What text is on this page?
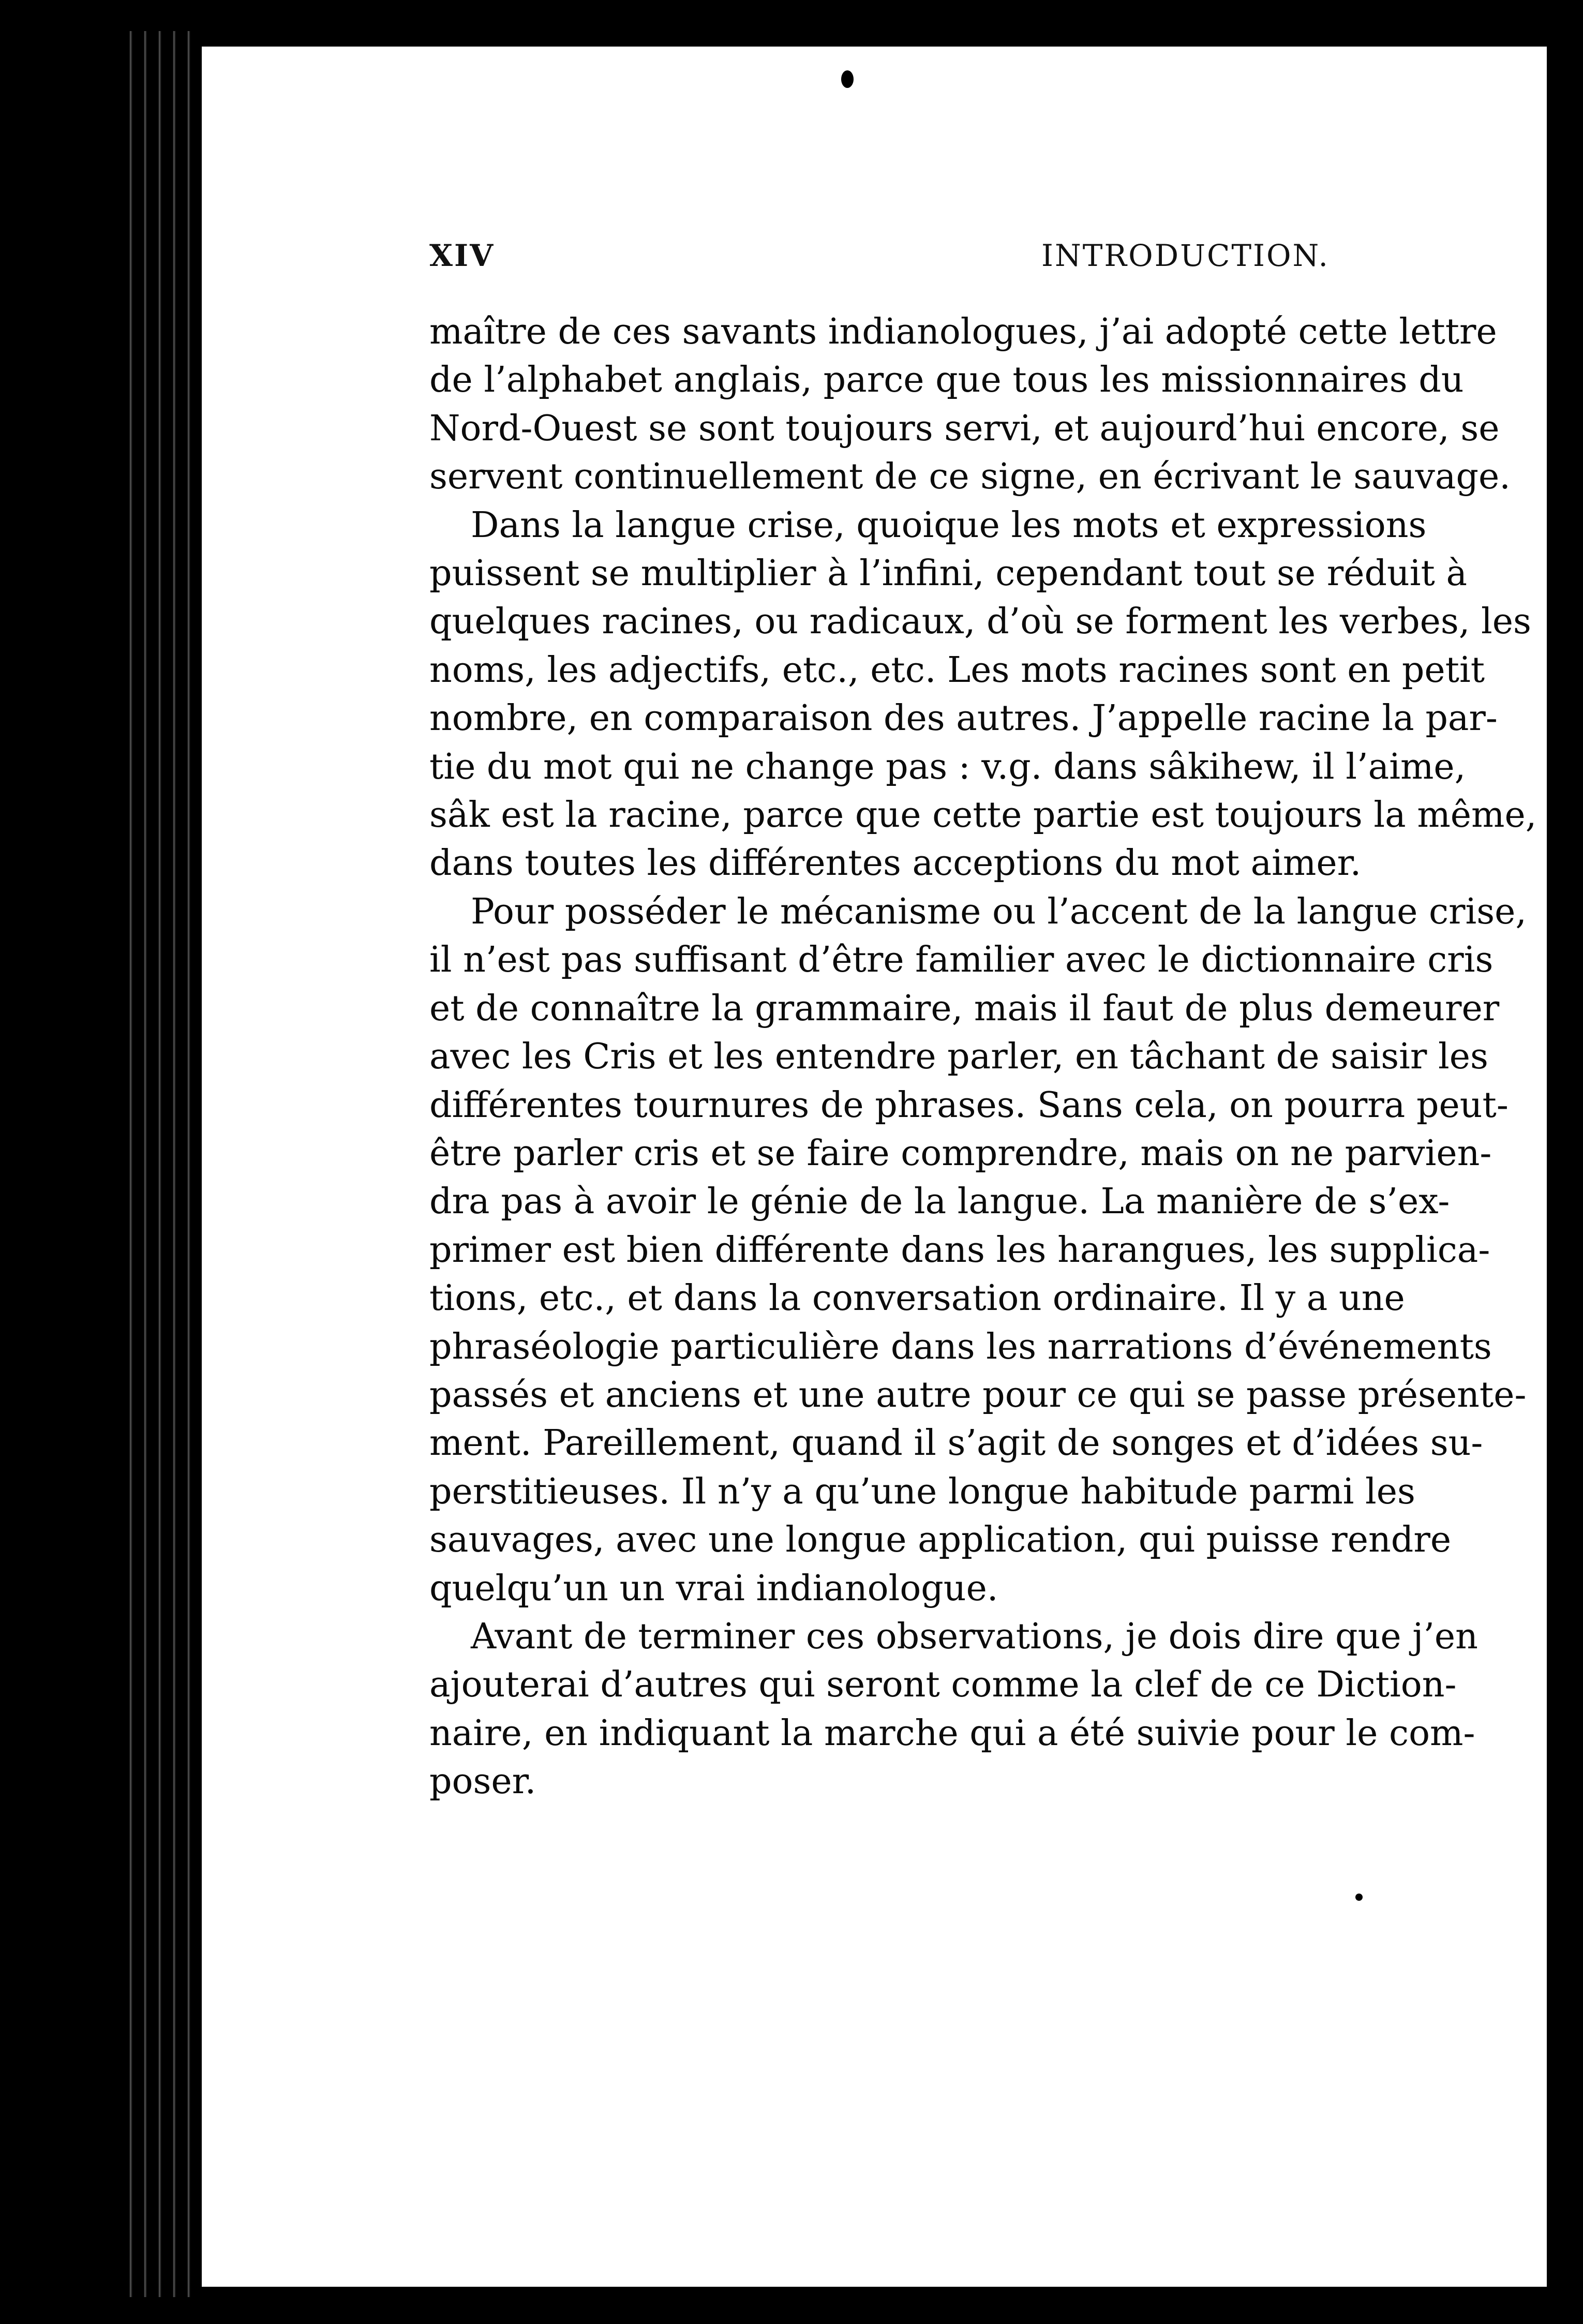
XIV	INTRODUCTION.

maître de ces savants indianologues, j’ai adopté cette lettre
de l’alphabet anglais, parce que tous les missionnaires du
Nord-Ouest se sont toujours servi, et aujourd’hui encore, se
servent continuellement de ce signe, en écrivant le sauvage.

Dans la langue crise, quoique les mots et expressions
puissent se multiplier à l’infini, cependant tout se réduit à
quelques racines, ou radicaux, d’où se forment les verbes, les
noms, les adjectifs, etc., etc. Les mots racines sont en petit
nombre, en comparaison des autres. J’appelle racine la par-
tie du mot qui ne change pas : v.g. dans sâkihew, il l’aime,
sâk est la racine, parce que cette partie est toujours la même,
dans toutes les différentes acceptions du mot aimer.

Pour posséder le mécanisme ou l’accent de la langue crise,
il n’est pas suffisant d’être familier avec le dictionnaire cris
et de connaître la grammaire, mais il faut de plus demeurer
avec les Cris et les entendre parler, en tâchant de saisir les
différentes tournures de phrases. Sans cela, on pourra peut-
être parler cris et se faire comprendre, mais on ne parvien-
dra pas à avoir le génie de la langue. La manière de s’ex-
primer est bien différente dans les harangues, les supplica-
tions, etc., et dans la conversation ordinaire. Il y a une
phraséologie particulière dans les narrations d’événements
passés et anciens et une autre pour ce qui se passe présente-
ment. Pareillement, quand il s’agit de songes et d’idées su-
perstitieuses. Il n’y a qu’une longue habitude parmi les
sauvages, avec une longue application, qui puisse rendre
quelqu’un un vrai indianologue.

Avant de terminer ces observations, je dois dire que j’en
ajouterai d’autres qui seront comme la clef de ce Diction-
naire, en indiquant la marche qui a été suivie pour le com-
poser.
